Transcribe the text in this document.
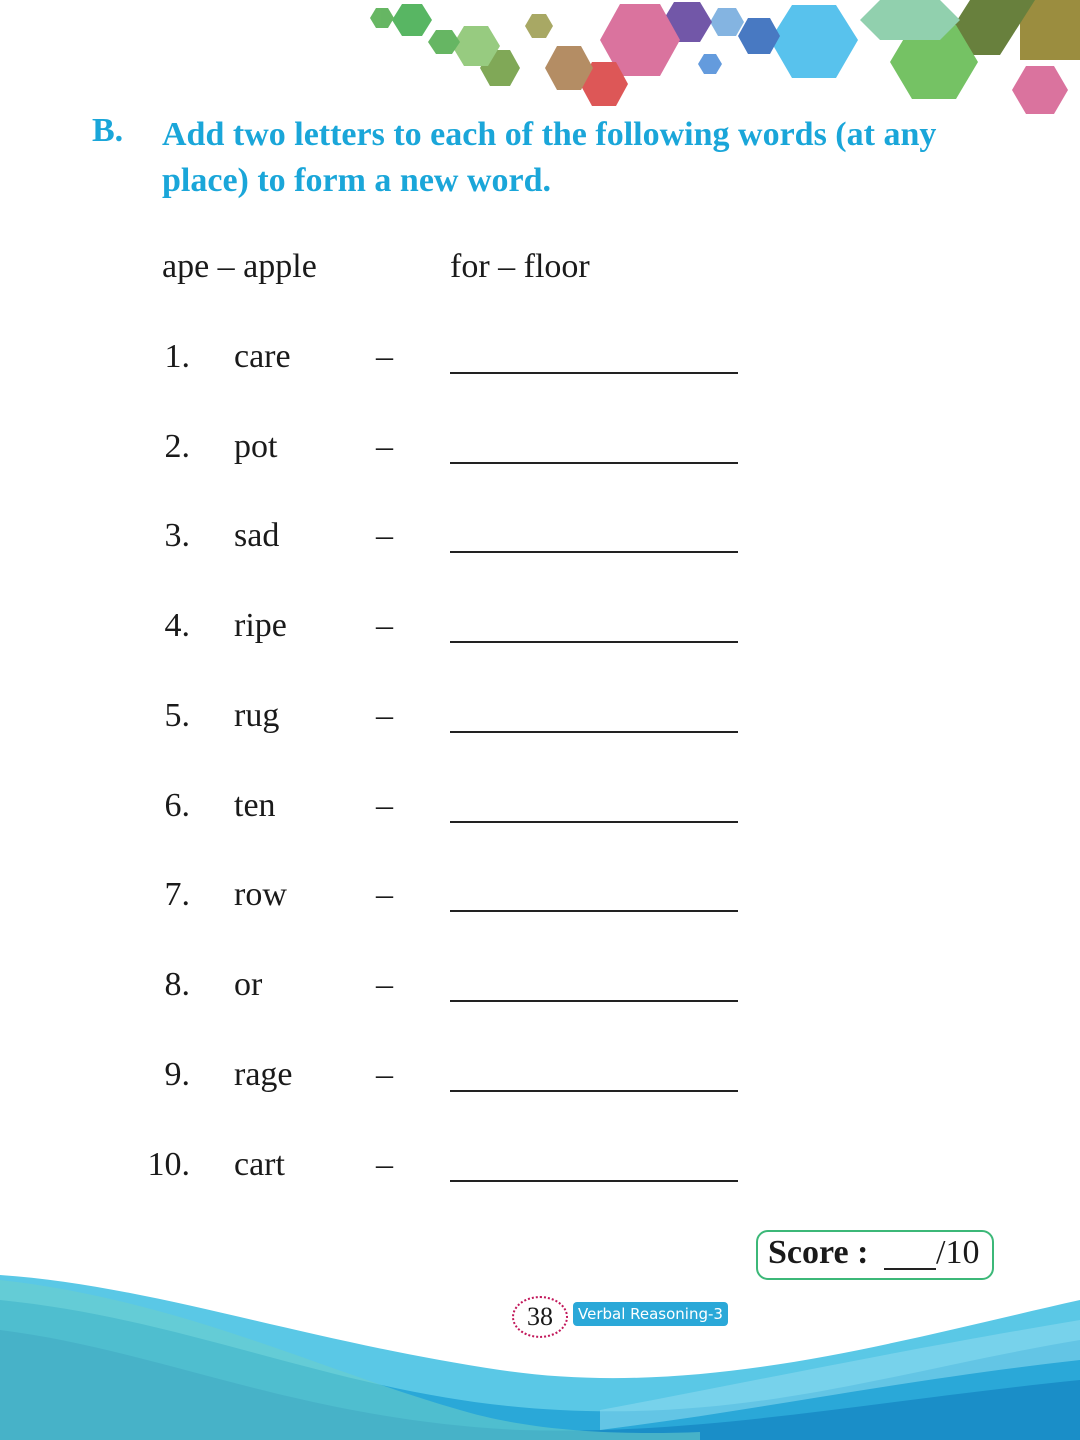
B. Add two letters to each of the following words (at any place) to form a new word.
ape – apple	for – floor
1. care	–
2. pot	–
3. sad	–
4. ripe	–
5. rug	–
6. ten	–
7. row	–
8. or	–
9. rage –
10. cart	–
Score : /10
38	Verbal Reasoning-3
